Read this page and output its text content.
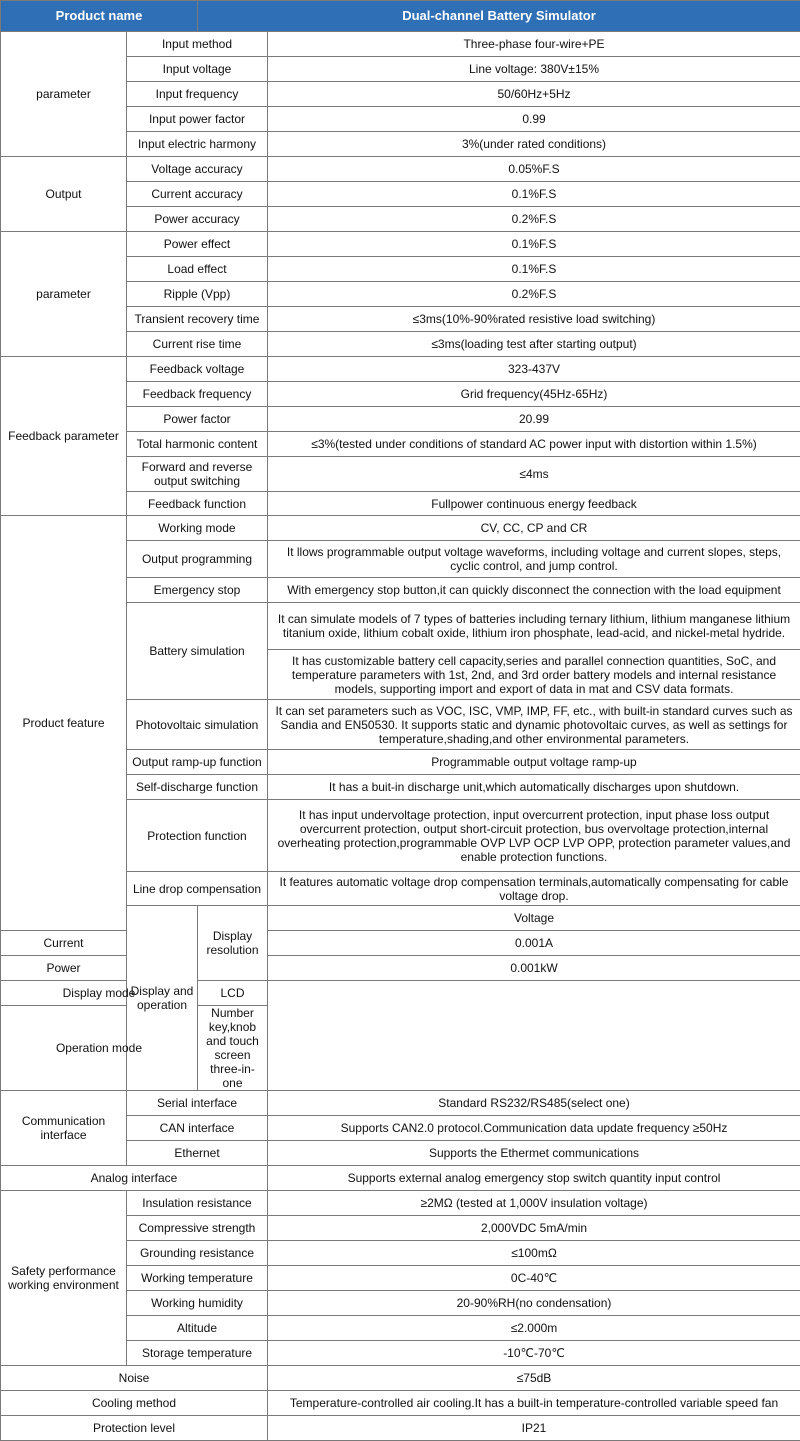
Product name		Dual-channel Battery Simulator		
parameter	Input method		Three-phase four-wire+PE	
	Input voltage		Line voltage: 380V±15%	
	Input frequency		50/60Hz+5Hz	
	Input power factor		0.99	
	Input electric harmony		3%(under rated conditions)	
Output	Voltage accuracy		0.05%F.S	
	Current accuracy		0.1%F.S	
	Power accuracy		0.2%F.S	
parameter	Power effect		0.1%F.S	
	Load effect		0.1%F.S	
	Ripple (Vpp)		0.2%F.S	
	Transient recovery time		≤3ms(10%-90%rated resistive load switching)	
	Current rise time		≤3ms(loading test after starting output)	
Feedback parameter	Feedback voltage		323-437V	
	Feedback frequency		Grid frequency(45Hz-65Hz)	
	Power factor		20.99	
	Total harmonic content		≤3%(tested under conditions of standard AC power input with distortion within 1.5%)	
	Forward and reverse output switching		≤4ms	
	Feedback function		Fullpower continuous energy feedback	
Product feature	Working mode		CV, CC, CP and CR	
	Output programming		It llows programmable output voltage waveforms, including voltage and current slopes, steps, cyclic control, and jump control.	
	Emergency stop		With emergency stop button,it can quickly disconnect the connection with the load equipment	
	Battery simulation		It can simulate models of 7 types of batteries including ternary lithium, lithium manganese lithium titanium oxide, lithium cobalt oxide, lithium iron phosphate, lead-acid, and nickel-metal hydride.	
			It has customizable battery cell capacity,series and parallel connection quantities, SoC, and temperature parameters with 1st, 2nd, and 3rd order battery models and internal resistance models, supporting import and export of data in mat and CSV data formats.	
	Photovoltaic simulation		It can set parameters such as VOC, ISC, VMP, IMP, FF, etc., with built-in standard curves such as Sandia and EN50530. It supports static and dynamic photovoltaic curves, as well as settings for temperature,shading,and other environmental parameters.	
	Output ramp-up function		Programmable output voltage ramp-up	
	Self-discharge function		It has a buit-in discharge unit,which automatically discharges upon shutdown.	
	Protection function		It has input undervoltage protection, input overcurrent protection, input phase loss output overcurrent protection, output short-circuit protection, bus overvoltage protection,internal overheating protection,programmable OVP LVP OCP LVP OPP, protection parameter values,and enable protection functions.	
	Line drop compensation		It features automatic voltage drop compensation terminals,automatically compensating for cable voltage drop.	
	Display and operation	Display resolution	Voltage	
Current			0.001A	
Power			0.001kW	
Display mode		LCD		
Operation mode		Number key,knob and touch screen three-in-one		
Communication interface	Serial interface		Standard RS232/RS485(select one)	
	CAN interface		Supports CAN2.0 protocol.Communication data update frequency ≥50Hz	
	Ethernet		Supports the Ethermet communications	
Analog interface			Supports external analog emergency stop switch quantity input control	
Safety performance working environment	Insulation resistance		≥2MΩ (tested at 1,000V insulation voltage)	
	Compressive strength		2,000VDC 5mA/min	
	Grounding resistance		≤100mΩ	
	Working temperature		0C-40℃	
	Working humidity		20-90%RH(no condensation)	
	Altitude		≤2.000m	
	Storage temperature		-10℃-70℃	
Noise			≤75dB	
Cooling method			Temperature-controlled air cooling.It has a built-in temperature-controlled variable speed fan	
Protection level			IP21	
